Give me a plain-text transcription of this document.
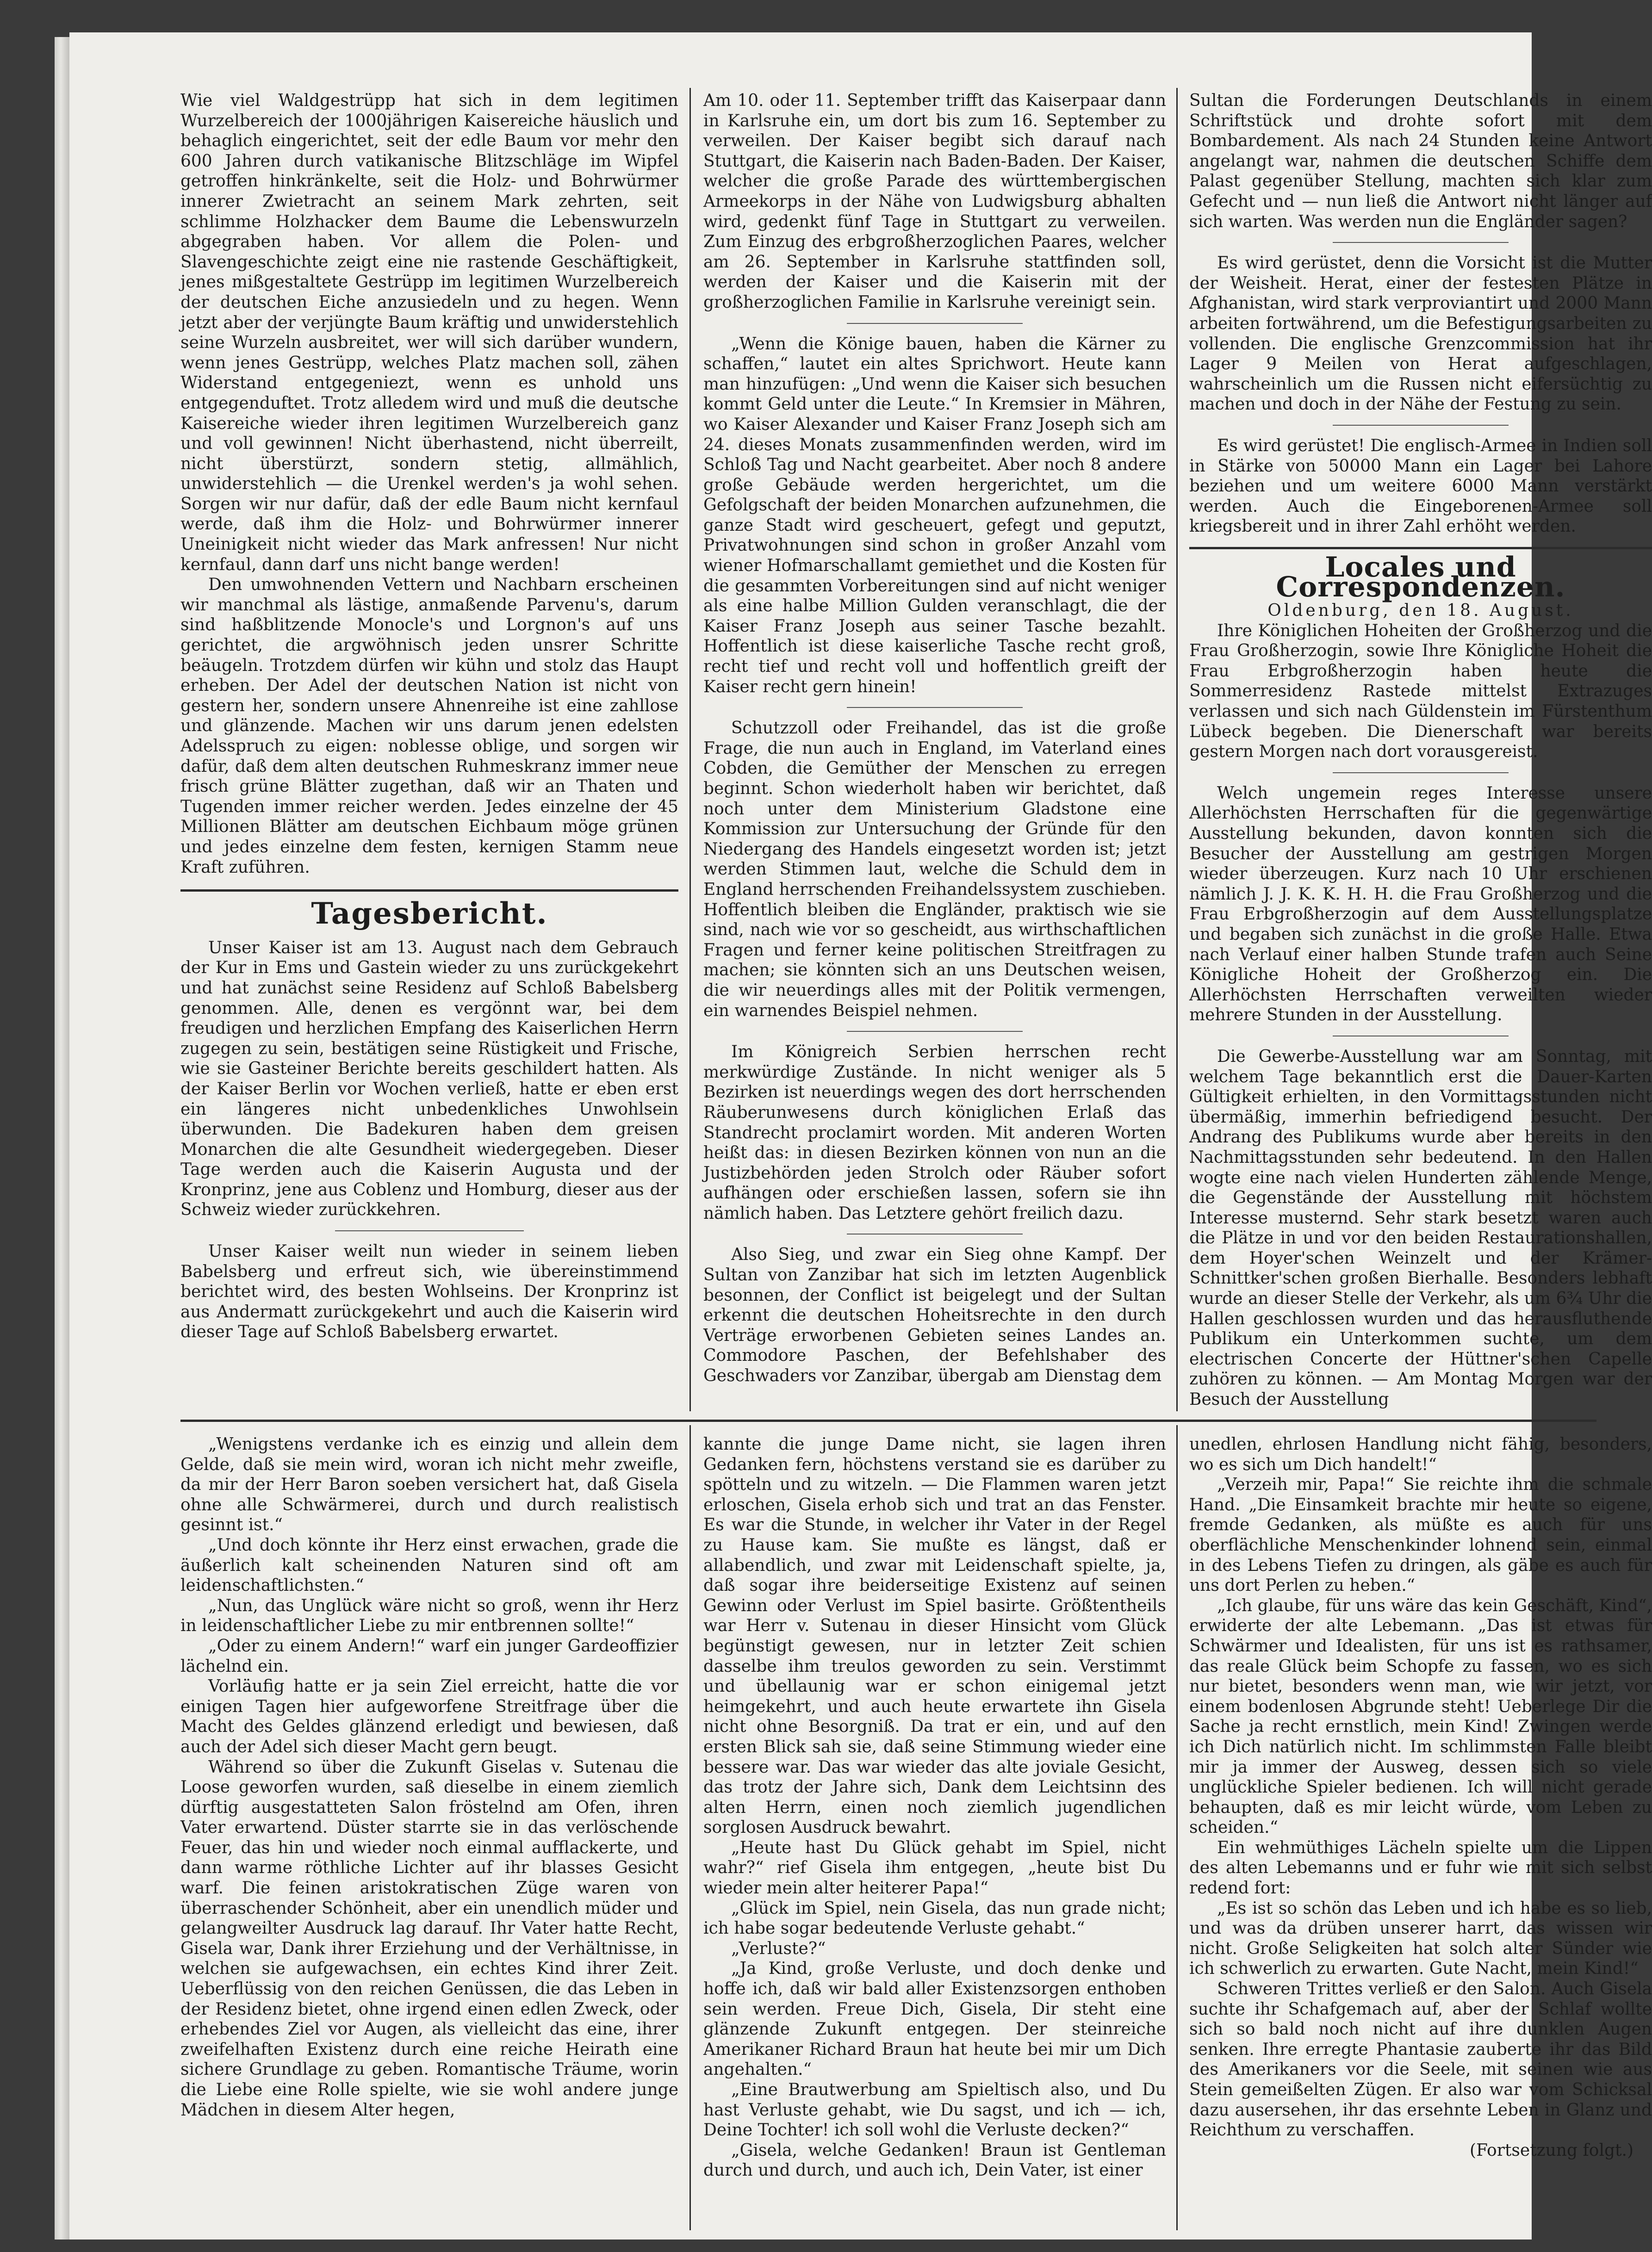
Wie viel Waldgestrüpp hat sich in dem legitimen Wurzelbereich der 1000jährigen Kaisereiche häuslich und behaglich eingerichtet, seit der edle Baum vor mehr den 600 Jahren durch vatikanische Blitzschläge im Wipfel getroffen hinkränkelte, seit die Holz- und Bohrwürmer innerer Zwietracht an seinem Mark zehrten, seit schlimme Holzhacker dem Baume die Lebenswurzeln abgegraben haben. Vor allem die Polen- und Slavengeschichte zeigt eine nie rastende Geschäftigkeit, jenes mißgestaltete Gestrüpp im legitimen Wurzelbereich der deutschen Eiche anzusiedeln und zu hegen. Wenn jetzt aber der verjüngte Baum kräftig und unwiderstehlich seine Wurzeln ausbreitet, wer will sich darüber wundern, wenn jenes Gestrüpp, welches Platz machen soll, zähen Widerstand entgegeniezt, wenn es unhold uns entgegenduftet. Trotz alledem wird und muß die deutsche Kaisereiche wieder ihren legitimen Wurzelbereich ganz und voll gewinnen! Nicht überhastend, nicht überreilt, nicht überstürzt, sondern stetig, allmählich, unwiderstehlich — die Urenkel werden's ja wohl sehen. Sorgen wir nur dafür, daß der edle Baum nicht kernfaul werde, daß ihm die Holz- und Bohrwürmer innerer Uneinigkeit nicht wieder das Mark anfressen! Nur nicht kernfaul, dann darf uns nicht bange werden!

Den umwohnenden Vettern und Nachbarn erscheinen wir manchmal als lästige, anmaßende Parvenu's, darum sind haßblitzende Monocle's und Lorgnon's auf uns gerichtet, die argwöhnisch jeden unsrer Schritte beäugeln. Trotzdem dürfen wir kühn und stolz das Haupt erheben. Der Adel der deutschen Nation ist nicht von gestern her, sondern unsere Ahnenreihe ist eine zahllose und glänzende. Machen wir uns darum jenen edelsten Adelsspruch zu eigen: noblesse oblige, und sorgen wir dafür, daß dem alten deutschen Ruhmeskranz immer neue frisch grüne Blätter zugethan, daß wir an Thaten und Tugenden immer reicher werden. Jedes einzelne der 45 Millionen Blätter am deutschen Eichbaum möge grünen und jedes einzelne dem festen, kernigen Stamm neue Kraft zuführen.

Tagesbericht.

Unser Kaiser ist am 13. August nach dem Gebrauch der Kur in Ems und Gastein wieder zu uns zurückgekehrt und hat zunächst seine Residenz auf Schloß Babelsberg genommen. Alle, denen es vergönnt war, bei dem freudigen und herzlichen Empfang des Kaiserlichen Herrn zugegen zu sein, bestätigen seine Rüstigkeit und Frische, wie sie Gasteiner Berichte bereits geschildert hatten. Als der Kaiser Berlin vor Wochen verließ, hatte er eben erst ein längeres nicht unbedenkliches Unwohlsein überwunden. Die Badekuren haben dem greisen Monarchen die alte Gesundheit wiedergegeben. Dieser Tage werden auch die Kaiserin Augusta und der Kronprinz, jene aus Coblenz und Homburg, dieser aus der Schweiz wieder zurückkehren.

Unser Kaiser weilt nun wieder in seinem lieben Babelsberg und erfreut sich, wie übereinstimmend berichtet wird, des besten Wohlseins. Der Kronprinz ist aus Andermatt zurückgekehrt und auch die Kaiserin wird dieser Tage auf Schloß Babelsberg erwartet.

Am 10. oder 11. September trifft das Kaiserpaar dann in Karlsruhe ein, um dort bis zum 16. September zu verweilen. Der Kaiser begibt sich darauf nach Stuttgart, die Kaiserin nach Baden-Baden. Der Kaiser, welcher die große Parade des württembergischen Armeekorps in der Nähe von Ludwigsburg abhalten wird, gedenkt fünf Tage in Stuttgart zu verweilen. Zum Einzug des erbgroßherzoglichen Paares, welcher am 26. September in Karlsruhe stattfinden soll, werden der Kaiser und die Kaiserin mit der großherzoglichen Familie in Karlsruhe vereinigt sein.

„Wenn die Könige bauen, haben die Kärner zu schaffen,“ lautet ein altes Sprichwort. Heute kann man hinzufügen: „Und wenn die Kaiser sich besuchen kommt Geld unter die Leute.“ In Kremsier in Mähren, wo Kaiser Alexander und Kaiser Franz Joseph sich am 24. dieses Monats zusammenfinden werden, wird im Schloß Tag und Nacht gearbeitet. Aber noch 8 andere große Gebäude werden hergerichtet, um die Gefolgschaft der beiden Monarchen aufzunehmen, die ganze Stadt wird gescheuert, gefegt und geputzt, Privatwohnungen sind schon in großer Anzahl vom wiener Hofmarschallamt gemiethet und die Kosten für die gesammten Vorbereitungen sind auf nicht weniger als eine halbe Million Gulden veranschlagt, die der Kaiser Franz Joseph aus seiner Tasche bezahlt. Hoffentlich ist diese kaiserliche Tasche recht groß, recht tief und recht voll und hoffentlich greift der Kaiser recht gern hinein!

Schutzzoll oder Freihandel, das ist die große Frage, die nun auch in England, im Vaterland eines Cobden, die Gemüther der Menschen zu erregen beginnt. Schon wiederholt haben wir berichtet, daß noch unter dem Ministerium Gladstone eine Kommission zur Untersuchung der Gründe für den Niedergang des Handels eingesetzt worden ist; jetzt werden Stimmen laut, welche die Schuld dem in England herrschenden Freihandelssystem zuschieben. Hoffentlich bleiben die Engländer, praktisch wie sie sind, nach wie vor so gescheidt, aus wirthschaftlichen Fragen und ferner keine politischen Streitfragen zu machen; sie könnten sich an uns Deutschen weisen, die wir neuerdings alles mit der Politik vermengen, ein warnendes Beispiel nehmen.

Im Königreich Serbien herrschen recht merkwürdige Zustände. In nicht weniger als 5 Bezirken ist neuerdings wegen des dort herrschenden Räuberunwesens durch königlichen Erlaß das Standrecht proclamirt worden. Mit anderen Worten heißt das: in diesen Bezirken können von nun an die Justizbehörden jeden Strolch oder Räuber sofort aufhängen oder erschießen lassen, sofern sie ihn nämlich haben. Das Letztere gehört freilich dazu.

Also Sieg, und zwar ein Sieg ohne Kampf. Der Sultan von Zanzibar hat sich im letzten Augenblick besonnen, der Conflict ist beigelegt und der Sultan erkennt die deutschen Hoheitsrechte in den durch Verträge erworbenen Gebieten seines Landes an. Commodore Paschen, der Befehlshaber des Geschwaders vor Zanzibar, übergab am Dienstag dem

Sultan die Forderungen Deutschlands in einem Schriftstück und drohte sofort mit dem Bombardement. Als nach 24 Stunden keine Antwort angelangt war, nahmen die deutschen Schiffe dem Palast gegenüber Stellung, machten sich klar zum Gefecht und — nun ließ die Antwort nicht länger auf sich warten. Was werden nun die Engländer sagen?

Es wird gerüstet, denn die Vorsicht ist die Mutter der Weisheit. Herat, einer der festesten Plätze in Afghanistan, wird stark verproviantirt und 2000 Mann arbeiten fortwährend, um die Befestigungsarbeiten zu vollenden. Die englische Grenzcommission hat ihr Lager 9 Meilen von Herat aufgeschlagen, wahrscheinlich um die Russen nicht eifersüchtig zu machen und doch in der Nähe der Festung zu sein.

Es wird gerüstet! Die englisch-Armee in Indien soll in Stärke von 50000 Mann ein Lager bei Lahore beziehen und um weitere 6000 Mann verstärkt werden. Auch die Eingeborenen-Armee soll kriegsbereit und in ihrer Zahl erhöht werden.

Locales und Correspondenzen.

Oldenburg, den 18. August.

Ihre Königlichen Hoheiten der Großherzog und die Frau Großherzogin, sowie Ihre Königliche Hoheit die Frau Erbgroßherzogin haben heute die Sommerresidenz Rastede mittelst Extrazuges verlassen und sich nach Güldenstein im Fürstenthum Lübeck begeben. Die Dienerschaft war bereits gestern Morgen nach dort vorausgereist.

Welch ungemein reges Interesse unsere Allerhöchsten Herrschaften für die gegenwärtige Ausstellung bekunden, davon konnten sich die Besucher der Ausstellung am gestrigen Morgen wieder überzeugen. Kurz nach 10 Uhr erschienen nämlich J. J. K. K. H. H. die Frau Großherzog und die Frau Erbgroßherzogin auf dem Ausstellungsplatze und begaben sich zunächst in die große Halle. Etwa nach Verlauf einer halben Stunde trafen auch Seine Königliche Hoheit der Großherzog ein. Die Allerhöchsten Herrschaften verweilten wieder mehrere Stunden in der Ausstellung.

Die Gewerbe-Ausstellung war am Sonntag, mit welchem Tage bekanntlich erst die Dauer-Karten Gültigkeit erhielten, in den Vormittagsstunden nicht übermäßig, immerhin befriedigend besucht. Der Andrang des Publikums wurde aber bereits in den Nachmittagsstunden sehr bedeutend. In den Hallen wogte eine nach vielen Hunderten zählende Menge, die Gegenstände der Ausstellung mit höchstem Interesse musternd. Sehr stark besetzt waren auch die Plätze in und vor den beiden Restaurationshallen, dem Hoyer'schen Weinzelt und der Krämer-Schnittker'schen großen Bierhalle. Besonders lebhaft wurde an dieser Stelle der Verkehr, als um 6¾ Uhr die Hallen geschlossen wurden und das herausfluthende Publikum ein Unterkommen suchte, um dem electrischen Concerte der Hüttner'schen Capelle zuhören zu können. — Am Montag Morgen war der Besuch der Ausstellung

„Wenigstens verdanke ich es einzig und allein dem Gelde, daß sie mein wird, woran ich nicht mehr zweifle, da mir der Herr Baron soeben versichert hat, daß Gisela ohne alle Schwärmerei, durch und durch realistisch gesinnt ist.“

„Und doch könnte ihr Herz einst erwachen, grade die äußerlich kalt scheinenden Naturen sind oft am leidenschaftlichsten.“

„Nun, das Unglück wäre nicht so groß, wenn ihr Herz in leidenschaftlicher Liebe zu mir entbrennen sollte!“

„Oder zu einem Andern!“ warf ein junger Gardeoffizier lächelnd ein.

Vorläufig hatte er ja sein Ziel erreicht, hatte die vor einigen Tagen hier aufgeworfene Streitfrage über die Macht des Geldes glänzend erledigt und bewiesen, daß auch der Adel sich dieser Macht gern beugt.

Während so über die Zukunft Giselas v. Sutenau die Loose geworfen wurden, saß dieselbe in einem ziemlich dürftig ausgestatteten Salon fröstelnd am Ofen, ihren Vater erwartend. Düster starrte sie in das verlöschende Feuer, das hin und wieder noch einmal aufflackerte, und dann warme röthliche Lichter auf ihr blasses Gesicht warf. Die feinen aristokratischen Züge waren von überraschender Schönheit, aber ein unendlich müder und gelangweilter Ausdruck lag darauf. Ihr Vater hatte Recht, Gisela war, Dank ihrer Erziehung und der Verhältnisse, in welchen sie aufgewachsen, ein echtes Kind ihrer Zeit. Ueberflüssig von den reichen Genüssen, die das Leben in der Residenz bietet, ohne irgend einen edlen Zweck, oder erhebendes Ziel vor Augen, als vielleicht das eine, ihrer zweifelhaften Existenz durch eine reiche Heirath eine sichere Grundlage zu geben. Romantische Träume, worin die Liebe eine Rolle spielte, wie sie wohl andere junge Mädchen in diesem Alter hegen,

kannte die junge Dame nicht, sie lagen ihren Gedanken fern, höchstens verstand sie es darüber zu spötteln und zu witzeln. — Die Flammen waren jetzt erloschen, Gisela erhob sich und trat an das Fenster. Es war die Stunde, in welcher ihr Vater in der Regel zu Hause kam. Sie mußte es längst, daß er allabendlich, und zwar mit Leidenschaft spielte, ja, daß sogar ihre beiderseitige Existenz auf seinen Gewinn oder Verlust im Spiel basirte. Größtentheils war Herr v. Sutenau in dieser Hinsicht vom Glück begünstigt gewesen, nur in letzter Zeit schien dasselbe ihm treulos geworden zu sein. Verstimmt und übellaunig war er schon einigemal jetzt heimgekehrt, und auch heute erwartete ihn Gisela nicht ohne Besorgniß. Da trat er ein, und auf den ersten Blick sah sie, daß seine Stimmung wieder eine bessere war. Das war wieder das alte joviale Gesicht, das trotz der Jahre sich, Dank dem Leichtsinn des alten Herrn, einen noch ziemlich jugendlichen sorglosen Ausdruck bewahrt.

„Heute hast Du Glück gehabt im Spiel, nicht wahr?“ rief Gisela ihm entgegen, „heute bist Du wieder mein alter heiterer Papa!“

„Glück im Spiel, nein Gisela, das nun grade nicht; ich habe sogar bedeutende Verluste gehabt.“

„Verluste?“

„Ja Kind, große Verluste, und doch denke und hoffe ich, daß wir bald aller Existenzsorgen enthoben sein werden. Freue Dich, Gisela, Dir steht eine glänzende Zukunft entgegen. Der steinreiche Amerikaner Richard Braun hat heute bei mir um Dich angehalten.“

„Eine Brautwerbung am Spieltisch also, und Du hast Verluste gehabt, wie Du sagst, und ich — ich, Deine Tochter! ich soll wohl die Verluste decken?“

„Gisela, welche Gedanken! Braun ist Gentleman durch und durch, und auch ich, Dein Vater, ist einer

unedlen, ehrlosen Handlung nicht fähig, besonders, wo es sich um Dich handelt!“

„Verzeih mir, Papa!“ Sie reichte ihm die schmale Hand. „Die Einsamkeit brachte mir heute so eigene, fremde Gedanken, als müßte es auch für uns oberflächliche Menschenkinder lohnend sein, einmal in des Lebens Tiefen zu dringen, als gäbe es auch für uns dort Perlen zu heben.“

„Ich glaube, für uns wäre das kein Geschäft, Kind“, erwiderte der alte Lebemann. „Das ist etwas für Schwärmer und Idealisten, für uns ist es rathsamer, das reale Glück beim Schopfe zu fassen, wo es sich nur bietet, besonders wenn man, wie wir jetzt, vor einem bodenlosen Abgrunde steht! Ueberlege Dir die Sache ja recht ernstlich, mein Kind! Zwingen werde ich Dich natürlich nicht. Im schlimmsten Falle bleibt mir ja immer der Ausweg, dessen sich so viele unglückliche Spieler bedienen. Ich will nicht gerade behaupten, daß es mir leicht würde, vom Leben zu scheiden.“

Ein wehmüthiges Lächeln spielte um die Lippen des alten Lebemanns und er fuhr wie mit sich selbst redend fort:

„Es ist so schön das Leben und ich habe es so lieb, und was da drüben unserer harrt, das wissen wir nicht. Große Seligkeiten hat solch alter Sünder wie ich schwerlich zu erwarten. Gute Nacht, mein Kind!“

Schweren Trittes verließ er den Salon. Auch Gisela suchte ihr Schafgemach auf, aber der Schlaf wollte sich so bald noch nicht auf ihre dunklen Augen senken. Ihre erregte Phantasie zauberte ihr das Bild des Amerikaners vor die Seele, mit seinen wie aus Stein gemeißelten Zügen. Er also war vom Schicksal dazu ausersehen, ihr das ersehnte Leben in Glanz und Reichthum zu verschaffen.

(Fortsetzung folgt.)
